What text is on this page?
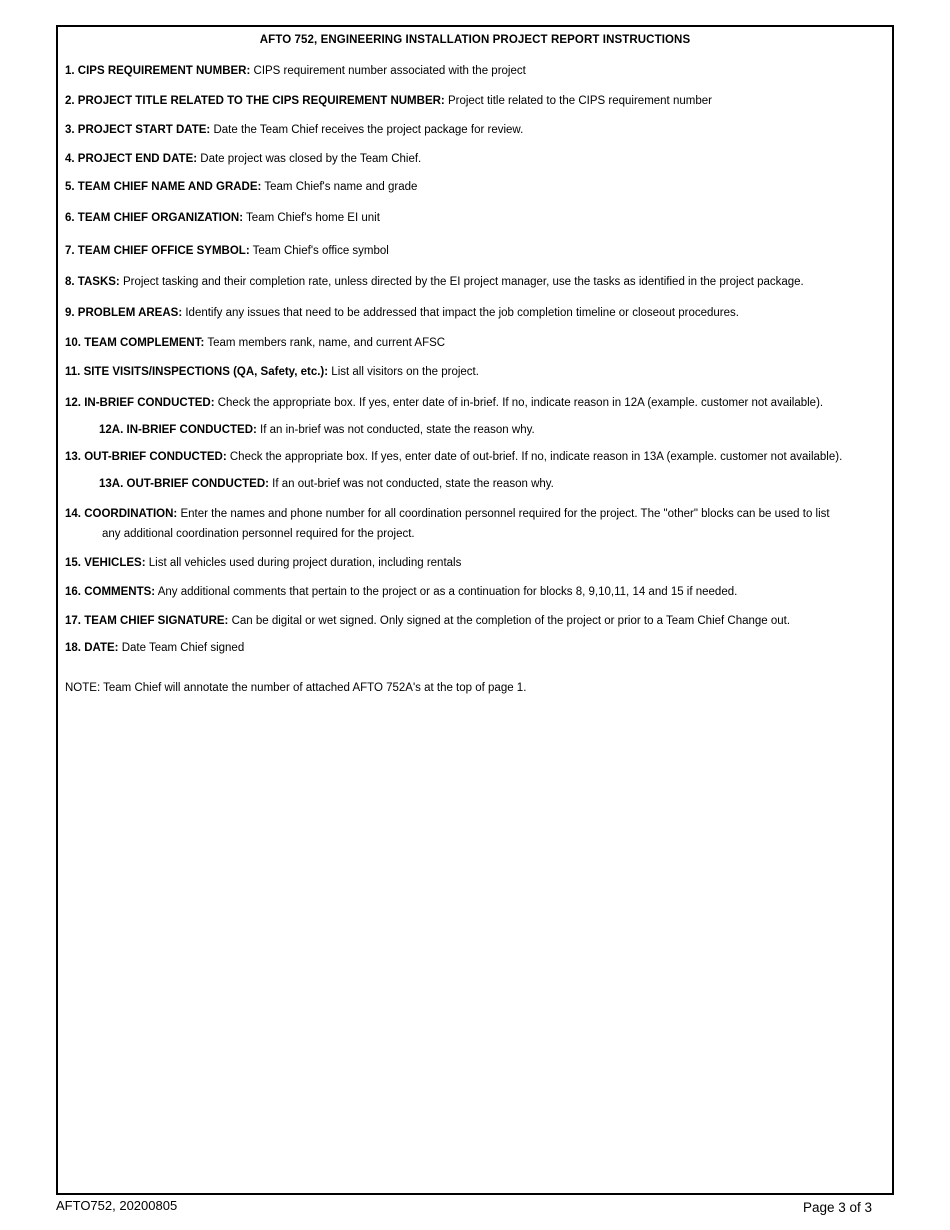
AFTO 752, ENGINEERING INSTALLATION PROJECT REPORT INSTRUCTIONS
1. CIPS REQUIREMENT NUMBER: CIPS requirement number associated with the project
2. PROJECT TITLE RELATED TO THE CIPS REQUIREMENT NUMBER: Project title related to the CIPS requirement number
3. PROJECT START DATE: Date the Team Chief receives the project package for review.
4. PROJECT END DATE: Date project was closed by the Team Chief.
5. TEAM CHIEF NAME AND GRADE: Team Chief's name and grade
6. TEAM CHIEF ORGANIZATION: Team Chief's home EI unit
7. TEAM CHIEF OFFICE SYMBOL: Team Chief's office symbol
8. TASKS: Project tasking and their completion rate, unless directed by the EI project manager, use the tasks as identified in the project package.
9. PROBLEM AREAS: Identify any issues that need to be addressed that impact the job completion timeline or closeout procedures.
10. TEAM COMPLEMENT: Team members rank, name, and current AFSC
11. SITE VISITS/INSPECTIONS (QA, Safety, etc.): List all visitors on the project.
12. IN-BRIEF CONDUCTED: Check the appropriate box. If yes, enter date of in-brief. If no, indicate reason in 12A (example. customer not available).
12A. IN-BRIEF CONDUCTED: If an in-brief was not conducted, state the reason why.
13. OUT-BRIEF CONDUCTED: Check the appropriate box. If yes, enter date of out-brief. If no, indicate reason in 13A (example. customer not available).
13A. OUT-BRIEF CONDUCTED: If an out-brief was not conducted, state the reason why.
14. COORDINATION: Enter the names and phone number for all coordination personnel required for the project. The "other" blocks can be used to list
any additional coordination personnel required for the project.
15. VEHICLES: List all vehicles used during project duration, including rentals
16. COMMENTS: Any additional comments that pertain to the project or as a continuation for blocks 8, 9,10,11, 14 and 15 if needed.
17. TEAM CHIEF SIGNATURE: Can be digital or wet signed. Only signed at the completion of the project or prior to a Team Chief Change out.
18. DATE: Date Team Chief signed
NOTE: Team Chief will annotate the number of attached AFTO 752A's at the top of page 1.
AFTO752, 20200805	Page 3 of 3
